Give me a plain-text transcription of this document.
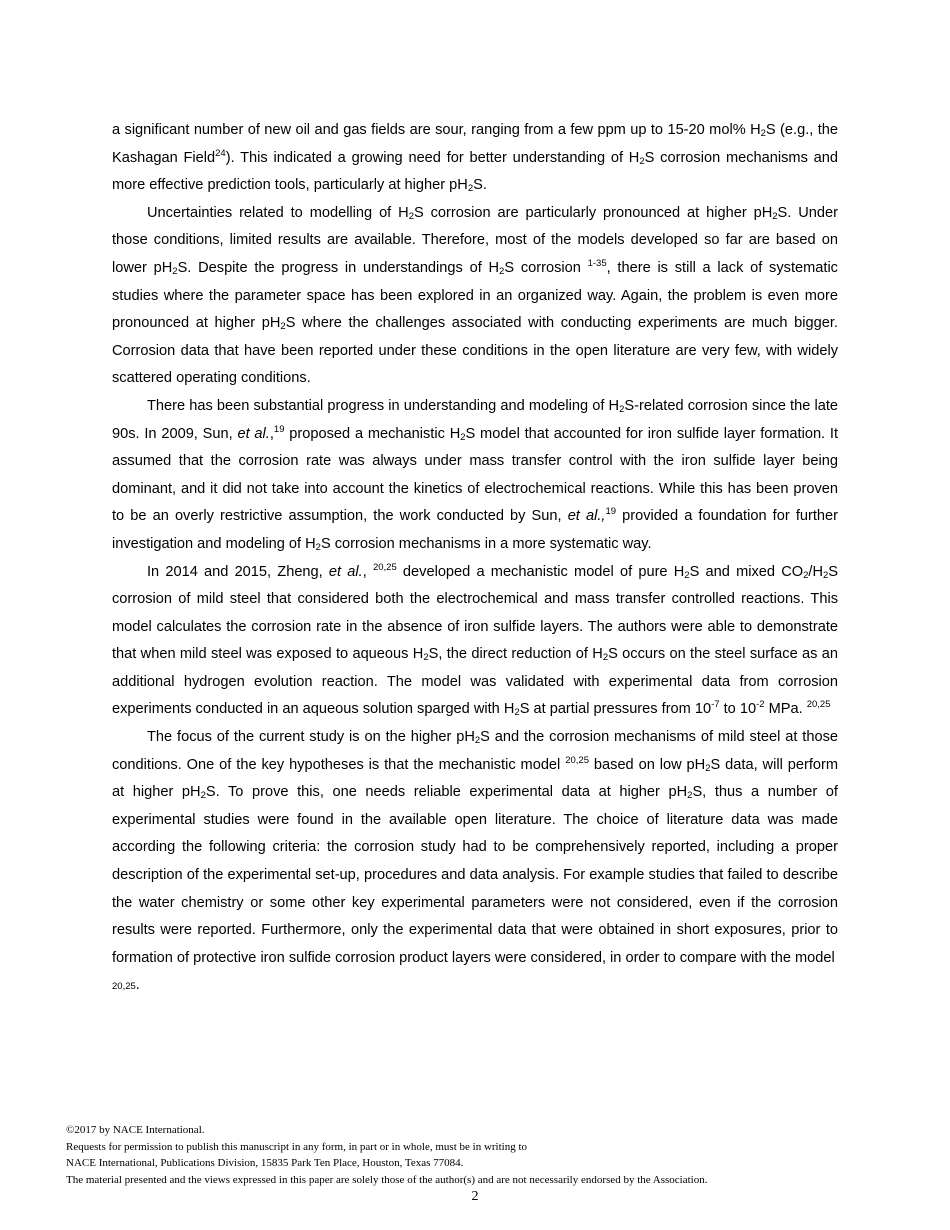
a significant number of new oil and gas fields are sour, ranging from a few ppm up to 15-20 mol% $H_2S$ (e.g., the Kashagan Field$^{24}$). This indicated a growing need for better understanding of $H_2S$ corrosion mechanisms and more effective prediction tools, particularly at higher $pH_2S$.

Uncertainties related to modelling of $H_2S$ corrosion are particularly pronounced at higher $pH_2S$. Under those conditions, limited results are available. Therefore, most of the models developed so far are based on lower $pH_2S$. Despite the progress in understandings of $H_2S$ corrosion $^{1-35}$, there is still a lack of systematic studies where the parameter space has been explored in an organized way. Again, the problem is even more pronounced at higher $pH_2S$ where the challenges associated with conducting experiments are much bigger. Corrosion data that have been reported under these conditions in the open literature are very few, with widely scattered operating conditions.

There has been substantial progress in understanding and modeling of $H_2S$-related corrosion since the late 90s. In 2009, Sun, et al.,$^{19}$ proposed a mechanistic $H_2S$ model that accounted for iron sulfide layer formation. It assumed that the corrosion rate was always under mass transfer control with the iron sulfide layer being dominant, and it did not take into account the kinetics of electrochemical reactions. While this has been proven to be an overly restrictive assumption, the work conducted by Sun, et al.,$^{19}$ provided a foundation for further investigation and modeling of $H_2S$ corrosion mechanisms in a more systematic way.

In 2014 and 2015, Zheng, et al., $^{20,25}$ developed a mechanistic model of pure $H_2S$ and mixed $CO_2/H_2S$ corrosion of mild steel that considered both the electrochemical and mass transfer controlled reactions. This model calculates the corrosion rate in the absence of iron sulfide layers. The authors were able to demonstrate that when mild steel was exposed to aqueous $H_2S$, the direct reduction of $H_2S$ occurs on the steel surface as an additional hydrogen evolution reaction. The model was validated with experimental data from corrosion experiments conducted in an aqueous solution sparged with $H_2S$ at partial pressures from $10^{-7}$ to $10^{-2}$ MPa. $^{20,25}$

The focus of the current study is on the higher $pH_2S$ and the corrosion mechanisms of mild steel at those conditions. One of the key hypotheses is that the mechanistic model $^{20,25}$ based on low $pH_2S$ data, will perform at higher $pH_2S$. To prove this, one needs reliable experimental data at higher $pH_2S$, thus a number of experimental studies were found in the available open literature. The choice of literature data was made according the following criteria: the corrosion study had to be comprehensively reported, including a proper description of the experimental set-up, procedures and data analysis. For example studies that failed to describe the water chemistry or some other key experimental parameters were not considered, even if the corrosion results were reported. Furthermore, only the experimental data that were obtained in short exposures, prior to formation of protective iron sulfide corrosion product layers were considered, in order to compare with the model
20,25.

©2017 by NACE International.
Requests for permission to publish this manuscript in any form, in part or in whole, must be in writing to
NACE International, Publications Division, 15835 Park Ten Place, Houston, Texas 77084.
The material presented and the views expressed in this paper are solely those of the author(s) and are not necessarily endorsed by the Association.
2
